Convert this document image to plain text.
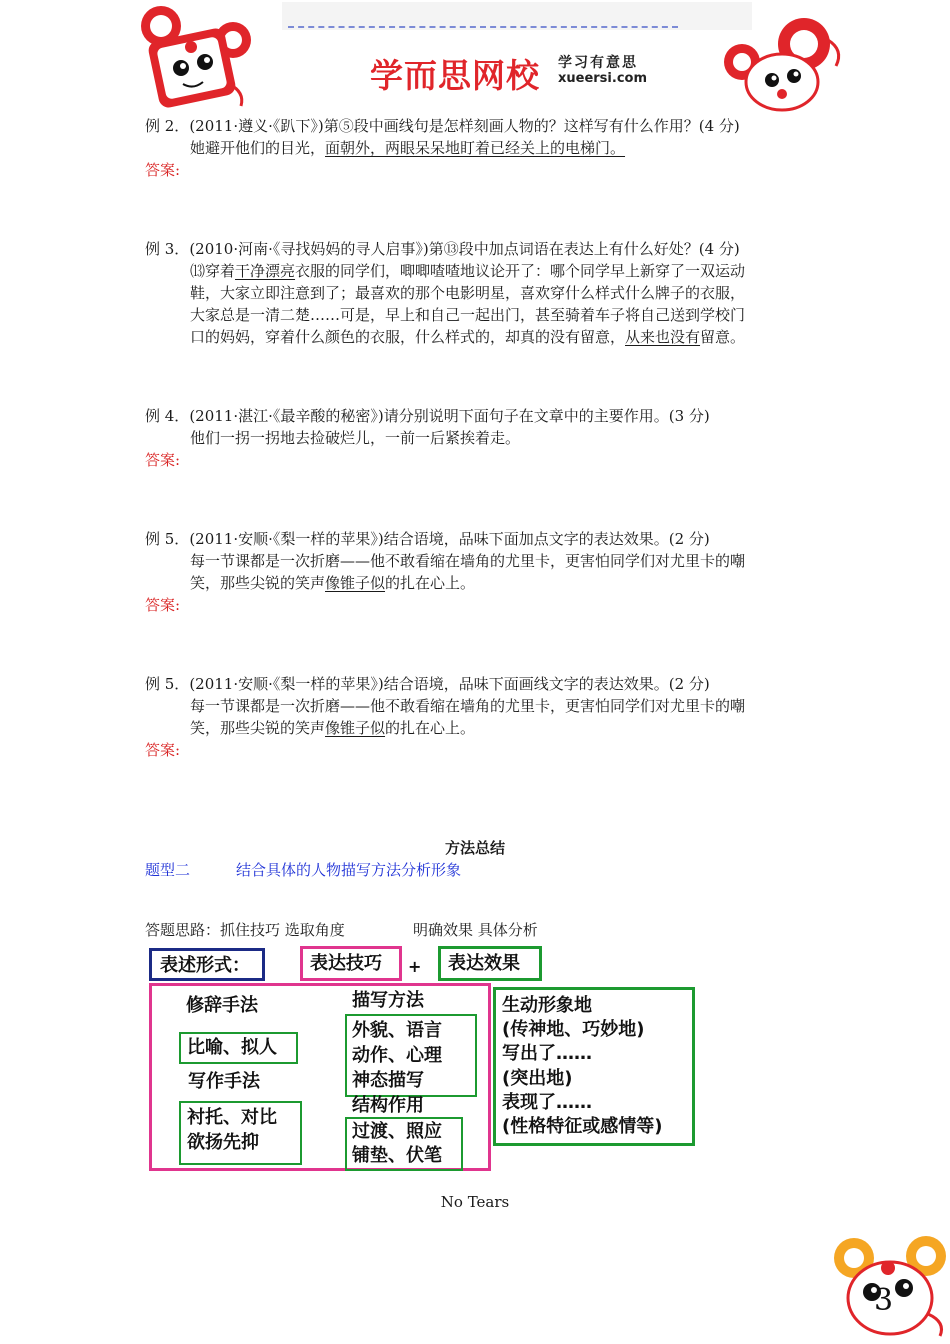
学而思网校 学习有意思
xueersi.com
例 2．(2011·遵义·《趴下》)第⑤段中画线句是怎样刻画人物的？这样写有什么作用？(4 分)
她避开他们的目光，面朝外，两眼呆呆地盯着已经关上的电梯门。
答案:
例 3．(2010·河南·《寻找妈妈的寻人启事》)第⑬段中加点词语在表达上有什么好处？(4 分)
⒀穿着干净漂亮衣服的同学们，唧唧喳喳地议论开了：哪个同学早上新穿了一双运动
鞋，大家立即注意到了；最喜欢的那个电影明星，喜欢穿什么样式什么牌子的衣服，
大家总是一清二楚……可是，早上和自己一起出门，甚至骑着车子将自己送到学校门
口的妈妈，穿着什么颜色的衣服，什么样式的，却真的没有留意，从来也没有留意。
例 4．(2011·湛江·《最辛酸的秘密》)请分别说明下面句子在文章中的主要作用。(3 分)
他们一拐一拐地去捡破烂儿，一前一后紧挨着走。
答案:
例 5．(2011·安顺·《梨一样的苹果》)结合语境，品味下面加点文字的表达效果。(2 分)
每一节课都是一次折磨——他不敢看缩在墙角的尤里卡，更害怕同学们对尤里卡的嘲
笑，那些尖锐的笑声像锥子似的扎在心上。
答案:
例 5．(2011·安顺·《梨一样的苹果》)结合语境，品味下面画线文字的表达效果。(2 分)
每一节课都是一次折磨——他不敢看缩在墙角的尤里卡，更害怕同学们对尤里卡的嘲
笑，那些尖锐的笑声像锥子似的扎在心上。
答案:
方法总结
题型二	结合具体的人物描写方法分析形象
答题思路：抓住技巧 选取角度	明确效果 具体分析
表述形式：	表达技巧 + 表达效果
修辞手法
比喻、拟人
写作手法
衬托、对比
欲扬先抑
描写方法
外貌、语言
动作、心理
神态描写
结构作用
过渡、照应
铺垫、伏笔
生动形象地
(传神地、巧妙地)
写出了……
(突出地)
表现了……
(性格特征或感情等)
No Tears
3
